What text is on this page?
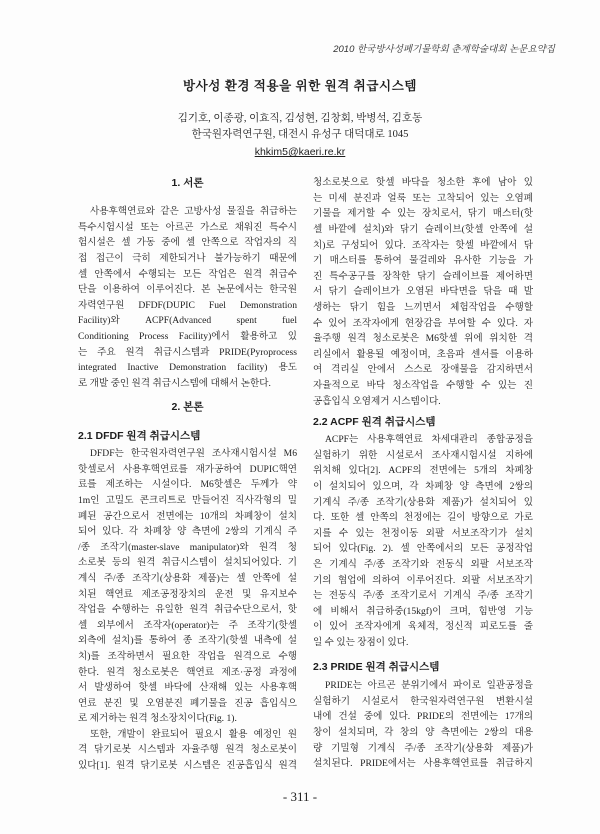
2010 한국방사성폐기물학회 춘계학술대회 논문요약집
방사성 환경 적용을 위한 원격 취급시스템
김기호, 이종광, 이효직, 김성현, 김창회, 박병석, 김호동
한국원자력연구원, 대전시 유성구 대덕대로 1045
khkim5@kaeri.re.kr
1. 서론
사용후핵연료와 같은 고방사성 물질을 취급하는
특수시험시설 또는 아르곤 가스로 채워진 특수시
험시설은 셀 가동 중에 셀 안쪽으로 작업자의 직
접 접근이 극히 제한되거나 불가능하기 때문에
셀 안쪽에서 수행되는 모든 작업은 원격 취급수
단을 이용하여 이루어진다. 본 논문에서는 한국원
자력연구원 DFDF(DUPIC Fuel Demonstration
Facility)와 ACPF(Advanced spent fuel
Conditioning Process Facility)에서 활용하고 있
는 주요 원격 취급시스템과 PRIDE(Pyroprocess
integrated Inactive Demonstration facility) 용도
로 개발 중인 원격 취급시스템에 대해서 논한다.
2. 본론
2.1 DFDF 원격 취급시스템
DFDF는 한국원자력연구원 조사재시험시설 M6
핫셀로서 사용후핵연료를 재가공하여 DUPIC핵연
료를 제조하는 시설이다. M6핫셀은 두께가 약
1m인 고밀도 콘크리트로 만들어진 직사각형의 밀
폐된 공간으로서 전면에는 10개의 차폐창이 설치
되어 있다. 각 차폐창 양 측면에 2쌍의 기계식 주
/종 조작기(master-slave manipulator)와 원격 청
소로봇 등의 원격 취급시스템이 설치되어있다. 기
계식 주/종 조작기(상용화 제품)는 셀 안쪽에 설
치된 핵연료 제조공정장치의 운전 및 유지보수
작업을 수행하는 유일한 원격 취급수단으로서, 핫
셀 외부에서 조작자(operator)는 주 조작기(핫셀
외측에 설치)를 통하여 종 조작기(핫셀 내측에 설
치)를 조작하면서 필요한 작업을 원격으로 수행
한다. 원격 청소로봇은 핵연료 제조·공정 과정에
서 발생하여 핫셀 바닥에 산재해 있는 사용후핵
연료 분진 및 오염분진 폐기물을 진공 흡입식으
로 제거하는 원격 청소장치이다(Fig. 1).
또한, 개발이 완료되어 필요시 활용 예정인 원
격 닦기로봇 시스템과 자율주행 원격 청소로봇이
있다[1]. 원격 닦기로봇 시스템은 진공흡입식 원격
청소로봇으로 핫셀 바닥을 청소한 후에 남아 있
는 미세 분진과 얼룩 또는 고착되어 있는 오염폐
기물을 제거할 수 있는 장치로서, 닦기 매스터(핫
셀 바깥에 설치)와 닦기 슬레이브(핫셀 안쪽에 설
치)로 구성되어 있다. 조작자는 핫셀 바깥에서 닦
기 매스터를 통하여 물걸레와 유사한 기능을 가
진 특수공구를 장착한 닦기 슬레이브를 제어하면
서 닦기 슬레이브가 오염된 바닥면을 닦을 때 발
생하는 닦기 힘을 느끼면서 체험작업을 수행할
수 있어 조작자에게 현장감을 부여할 수 있다. 자
율주행 원격 청소로봇은 M6핫셀 위에 위치한 격
리실에서 활용될 예정이며, 초음파 센서를 이용하
여 격리실 안에서 스스로 장애물을 감지하면서
자율적으로 바닥 청소작업을 수행할 수 있는 진
공흡입식 오염제거 시스템이다.
2.2 ACPF 원격 취급시스템
ACPF는 사용후핵연료 차세대관리 종합공정을
실험하기 위한 시설로서 조사재시험시설 지하에
위치해 있다[2]. ACPF의 전면에는 5개의 차폐창
이 설치되어 있으며, 각 차폐창 양 측면에 2쌍의
기계식 주/종 조작기(상용화 제품)가 설치되어 있
다. 또한 셀 안쪽의 천정에는 길이 방향으로 가로
지를 수 있는 천정이동 외팔 서보조작기가 설치
되어 있다(Fig. 2). 셀 안쪽에서의 모든 공정작업
은 기계식 주/종 조작기와 전동식 외팔 서보조작
기의 협업에 의하여 이루어진다. 외팔 서보조작기
는 전동식 주/종 조작기로서 기계식 주/종 조작기
에 비해서 취급하중(15kgf)이 크며, 힘반영 기능
이 있어 조작자에게 육체적, 정신적 피로도를 줄
일 수 있는 장점이 있다.
2.3 PRIDE 원격 취급시스템
PRIDE는 아르곤 분위기에서 파이로 일관공정을
실험하기 시설로서 한국원자력연구원 변환시설
내에 건설 중에 있다. PRIDE의 전면에는 17개의
창이 설치되며, 각 창의 양 측면에는 2쌍의 대용
량 기밀형 기계식 주/종 조작기(상용화 제품)가
설치된다. PRIDE에서는 사용후핵연료를 취급하지
- 311 -
